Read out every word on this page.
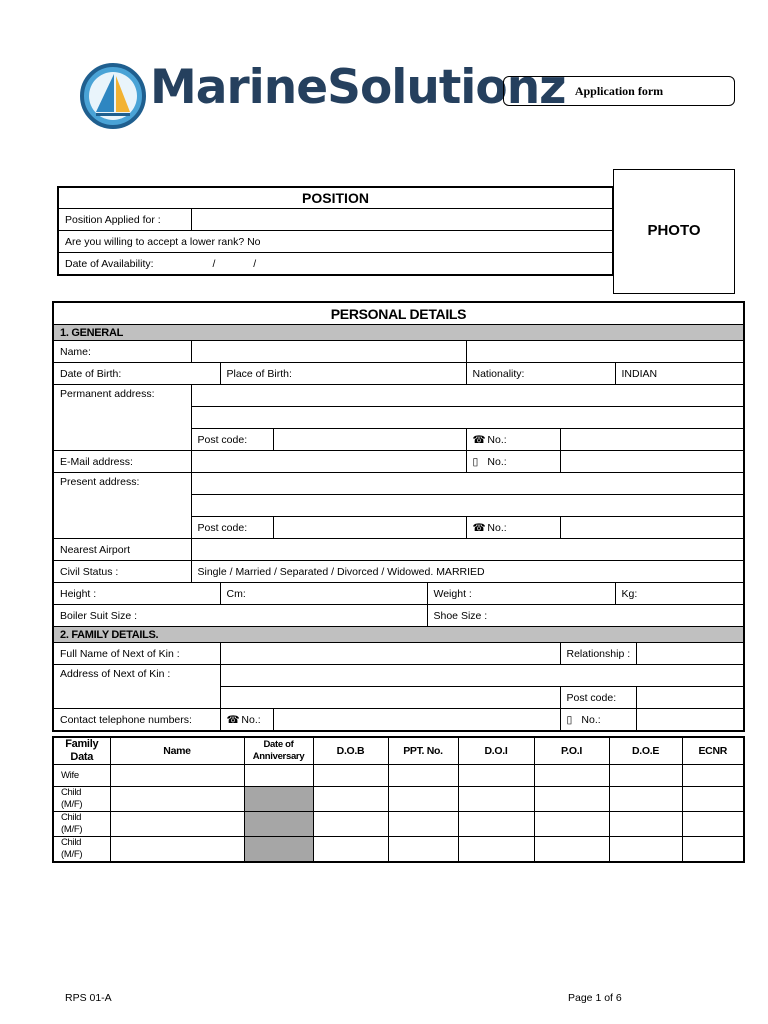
MarineSolutionz Application form
PHOTO
POSITION
Position Applied for :	
Are you willing to accept a lower rank? No
Date of Availability:	/             /
PERSONAL DETAILS								
1. GENERAL								
Name:								
Date of Birth:		Place of Birth:			Nationality:		INDIAN	
Permanent address:								

	Post code:				☎ No.:			
E-Mail address:					▯ No.:			
Present address:								

	Post code:				☎ No.:			
Nearest Airport								
Civil Status :	Single / Married / Separated / Divorced / Widowed. MARRIED							
Height :		Cm:		Weight :			Kg:	
Boiler Suit Size :				Shoe Size :				
2. FAMILY DETAILS.								
Full Name of Next of Kin :						Relationship :		
Address of Next of Kin :								
						Post code:		
Contact telephone numbers:		☎ No.:				▯ No.:		
Family Data	Name	Date of Anniversary	D.O.B	PPT. No.	D.O.I	P.O.I	D.O.E	ECNR
Wife								
Child (M/F)								
Child (M/F)								
Child (M/F)								
RPS 01-A	Page 1 of 6
